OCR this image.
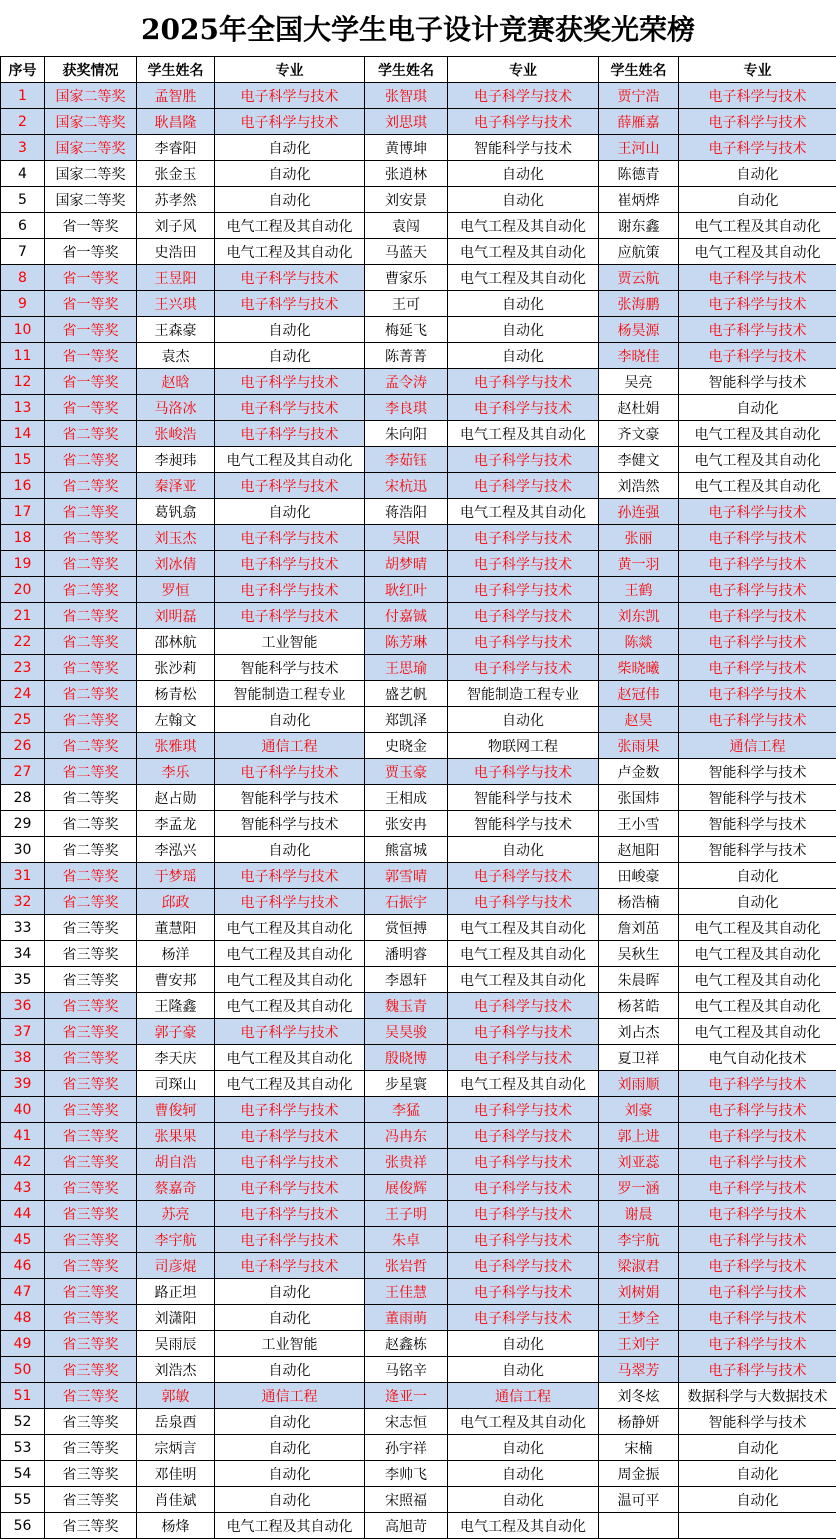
2025年全国大学生电子设计竞赛获奖光荣榜
序号	获奖情况	学生姓名	专业	学生姓名	专业	学生姓名	专业
1	国家二等奖	孟智胜	电子科学与技术	张智琪	电子科学与技术	贾宁浩	电子科学与技术
2	国家二等奖	耿昌隆	电子科学与技术	刘思琪	电子科学与技术	薛雁嘉	电子科学与技术
3	国家二等奖	李睿阳	自动化	黄博坤	智能科学与技术	王河山	电子科学与技术
4	国家二等奖	张金玉	自动化	张逍林	自动化	陈德青	自动化
5	国家二等奖	苏孝然	自动化	刘安景	自动化	崔炳烨	自动化
6	省一等奖	刘子风	电气工程及其自动化	袁闯	电气工程及其自动化	谢东鑫	电气工程及其自动化
7	省一等奖	史浩田	电气工程及其自动化	马蓝天	电气工程及其自动化	应航策	电气工程及其自动化
8	省一等奖	王昱阳	电子科学与技术	曹家乐	电气工程及其自动化	贾云航	电子科学与技术
9	省一等奖	王兴琪	电子科学与技术	王可	自动化	张海鹏	电子科学与技术
10	省一等奖	王森豪	自动化	梅延飞	自动化	杨昊源	电子科学与技术
11	省一等奖	袁杰	自动化	陈菁菁	自动化	李晓佳	电子科学与技术
12	省一等奖	赵晗	电子科学与技术	孟令涛	电子科学与技术	吴亮	智能科学与技术
13	省一等奖	马洛冰	电子科学与技术	李良琪	电子科学与技术	赵杜娟	自动化
14	省二等奖	张峻浩	电子科学与技术	朱向阳	电气工程及其自动化	齐文豪	电气工程及其自动化
15	省二等奖	李昶玮	电气工程及其自动化	李茹钰	电子科学与技术	李健文	电气工程及其自动化
16	省二等奖	秦泽亚	电子科学与技术	宋杭迅	电子科学与技术	刘浩然	电气工程及其自动化
17	省二等奖	葛钒翕	自动化	蒋浩阳	电气工程及其自动化	孙连强	电子科学与技术
18	省二等奖	刘玉杰	电子科学与技术	吴限	电子科学与技术	张丽	电子科学与技术
19	省二等奖	刘冰倩	电子科学与技术	胡梦晴	电子科学与技术	黄一羽	电子科学与技术
20	省二等奖	罗恒	电子科学与技术	耿红叶	电子科学与技术	王鹤	电子科学与技术
21	省二等奖	刘明磊	电子科学与技术	付嘉铖	电子科学与技术	刘东凯	电子科学与技术
22	省二等奖	邵林航	工业智能	陈芳琳	电子科学与技术	陈燚	电子科学与技术
23	省二等奖	张沙莉	智能科学与技术	王思瑜	电子科学与技术	柴晓曦	电子科学与技术
24	省二等奖	杨青松	智能制造工程专业	盛艺帆	智能制造工程专业	赵冠伟	电子科学与技术
25	省二等奖	左翰文	自动化	郑凯泽	自动化	赵昊	电子科学与技术
26	省二等奖	张雅琪	通信工程	史晓金	物联网工程	张雨果	通信工程
27	省二等奖	李乐	电子科学与技术	贾玉豪	电子科学与技术	卢金数	智能科学与技术
28	省二等奖	赵占勋	智能科学与技术	王相成	智能科学与技术	张国炜	智能科学与技术
29	省二等奖	李孟龙	智能科学与技术	张安冉	智能科学与技术	王小雪	智能科学与技术
30	省二等奖	李泓兴	自动化	熊富城	自动化	赵旭阳	智能科学与技术
31	省二等奖	于梦瑶	电子科学与技术	郭雪晴	电子科学与技术	田峻豪	自动化
32	省二等奖	邱政	电子科学与技术	石振宇	电子科学与技术	杨浩楠	自动化
33	省三等奖	董慧阳	电气工程及其自动化	赏恒搏	电气工程及其自动化	詹刘茁	电气工程及其自动化
34	省三等奖	杨洋	电气工程及其自动化	潘明睿	电气工程及其自动化	吴秋生	电气工程及其自动化
35	省三等奖	曹安邦	电气工程及其自动化	李恩轩	电气工程及其自动化	朱晨晖	电气工程及其自动化
36	省三等奖	王隆鑫	电气工程及其自动化	魏玉青	电子科学与技术	杨茗皓	电气工程及其自动化
37	省三等奖	郭子豪	电子科学与技术	吴昊骏	电子科学与技术	刘占杰	电气工程及其自动化
38	省三等奖	李天庆	电气工程及其自动化	殷晓博	电子科学与技术	夏卫祥	电气自动化技术
39	省三等奖	司琛山	电气工程及其自动化	步星寰	电气工程及其自动化	刘雨顺	电子科学与技术
40	省三等奖	曹俊轲	电子科学与技术	李猛	电子科学与技术	刘豪	电子科学与技术
41	省三等奖	张果果	电子科学与技术	冯冉东	电子科学与技术	郭上进	电子科学与技术
42	省三等奖	胡自浩	电子科学与技术	张贵祥	电子科学与技术	刘亚蕊	电子科学与技术
43	省三等奖	蔡嘉奇	电子科学与技术	展俊辉	电子科学与技术	罗一涵	电子科学与技术
44	省三等奖	苏亮	电子科学与技术	王子明	电子科学与技术	谢晨	电子科学与技术
45	省三等奖	李宇航	电子科学与技术	朱卓	电子科学与技术	李宇航	电子科学与技术
46	省三等奖	司彦焜	电子科学与技术	张岩哲	电子科学与技术	梁淑君	电子科学与技术
47	省三等奖	路正坦	自动化	王佳慧	电子科学与技术	刘树娟	电子科学与技术
48	省三等奖	刘潇阳	自动化	董雨萌	电子科学与技术	王梦全	电子科学与技术
49	省三等奖	吴雨辰	工业智能	赵鑫栋	自动化	王刘宇	电子科学与技术
50	省三等奖	刘浩杰	自动化	马铭辛	自动化	马翠芳	电子科学与技术
51	省三等奖	郭敏	通信工程	逄亚一	通信工程	刘冬炫	数据科学与大数据技术
52	省三等奖	岳泉酉	自动化	宋志恒	电气工程及其自动化	杨静妍	智能科学与技术
53	省三等奖	宗炳言	自动化	孙宇祥	自动化	宋楠	自动化
54	省三等奖	邓佳明	自动化	李帅飞	自动化	周金振	自动化
55	省三等奖	肖佳斌	自动化	宋照福	自动化	温可平	自动化
56	省三等奖	杨烽	电气工程及其自动化	高旭苛	电气工程及其自动化		
